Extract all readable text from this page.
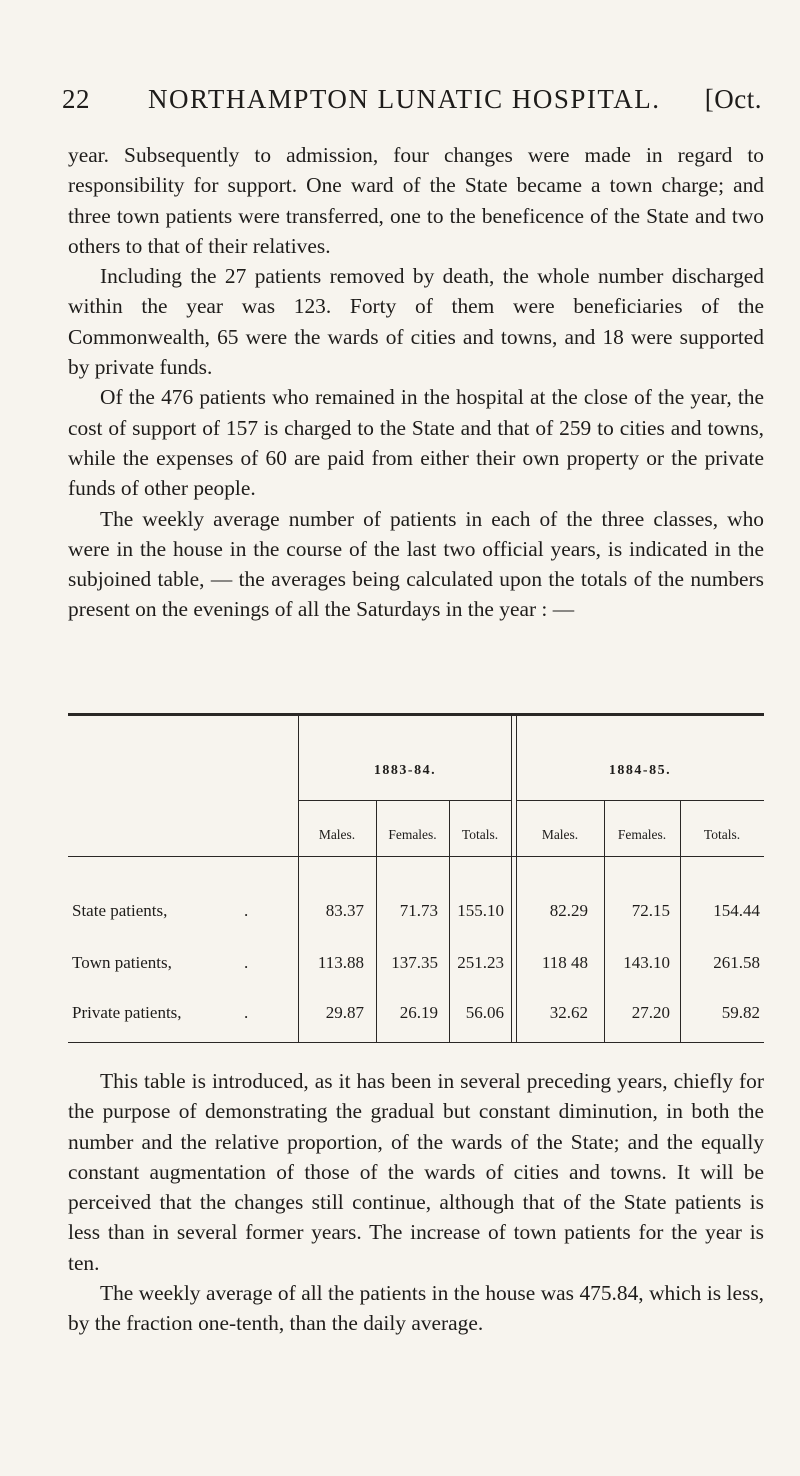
22 NORTHAMPTON LUNATIC HOSPITAL. [Oct.

year. Subsequently to admission, four changes were made in regard to responsibility for support. One ward of the State became a town charge; and three town patients were transferred, one to the beneficence of the State and two others to that of their relatives.

Including the 27 patients removed by death, the whole number discharged within the year was 123. Forty of them were beneficiaries of the Commonwealth, 65 were the wards of cities and towns, and 18 were supported by private funds.

Of the 476 patients who remained in the hospital at the close of the year, the cost of support of 157 is charged to the State and that of 259 to cities and towns, while the expenses of 60 are paid from either their own property or the private funds of other people.

The weekly average number of patients in each of the three classes, who were in the house in the course of the last two official years, is indicated in the subjoined table, — the averages being calculated upon the totals of the numbers present on the evenings of all the Saturdays in the year : —

1883-84.	1884-85.
Males.	Females.	Totals.	Males.	Females.	Totals.
State patients,	.	83.37	71.73	155.10	82.29	72.15	154.44
Town patients,	.	113.88	137.35	251.23	118 48	143.10	261.58
Private patients,	.	29.87	26.19	56.06	32.62	27.20	59.82

This table is introduced, as it has been in several preceding years, chiefly for the purpose of demonstrating the gradual but constant diminution, in both the number and the relative proportion, of the wards of the State; and the equally constant augmentation of those of the wards of cities and towns. It will be perceived that the changes still continue, although that of the State patients is less than in several former years. The increase of town patients for the year is ten.

The weekly average of all the patients in the house was 475.84, which is less, by the fraction one-tenth, than the daily average.
